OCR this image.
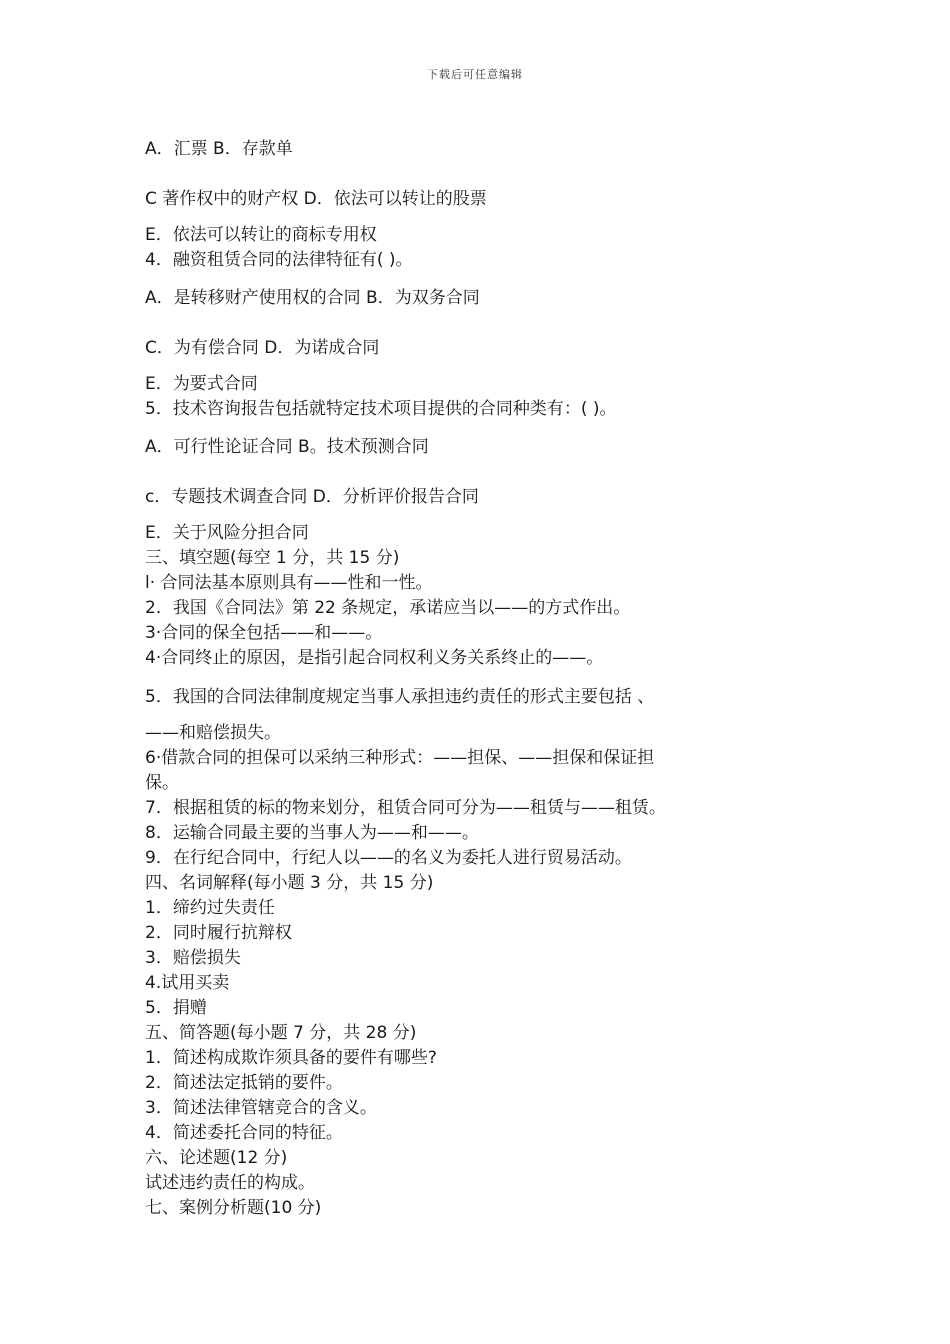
下载后可任意编辑
A．汇票 B．存款单
C 著作权中的财产权 D．依法可以转让的股票
E．依法可以转让的商标专用权
4．融资租赁合同的法律特征有( )。
A．是转移财产使用权的合同 B．为双务合同
C．为有偿合同 D．为诺成合同
E．为要式合同
5．技术咨询报告包括就特定技术项目提供的合同种类有：( )。
A．可行性论证合同 B。技术预测合同
c．专题技术调查合同 D．分析评价报告合同
E．关于风险分担合同
三、填空题(每空 1 分，共 15 分)
l· 合同法基本原则具有——性和一性。
2．我国《合同法》第 22 条规定，承诺应当以——的方式作出。
3·合同的保全包括——和——。
4·合同终止的原因，是指引起合同权利义务关系终止的——。
5．我国的合同法律制度规定当事人承担违约责任的形式主要包括 、
——和赔偿损失。
6·借款合同的担保可以采纳三种形式：——担保、——担保和保证担
保。
7．根据租赁的标的物来划分，租赁合同可分为——租赁与——租赁。
8．运输合同最主要的当事人为——和——。
9．在行纪合同中，行纪人以——的名义为委托人进行贸易活动。
四、名词解释(每小题 3 分，共 15 分)
1．缔约过失责任
2．同时履行抗辩权
3．赔偿损失
4.试用买卖
5．捐赠
五、简答题(每小题 7 分，共 28 分)
1．简述构成欺诈须具备的要件有哪些?
2．简述法定抵销的要件。
3．简述法律管辖竞合的含义。
4．简述委托合同的特征。
六、论述题(12 分)
试述违约责任的构成。
七、案例分析题(10 分)
